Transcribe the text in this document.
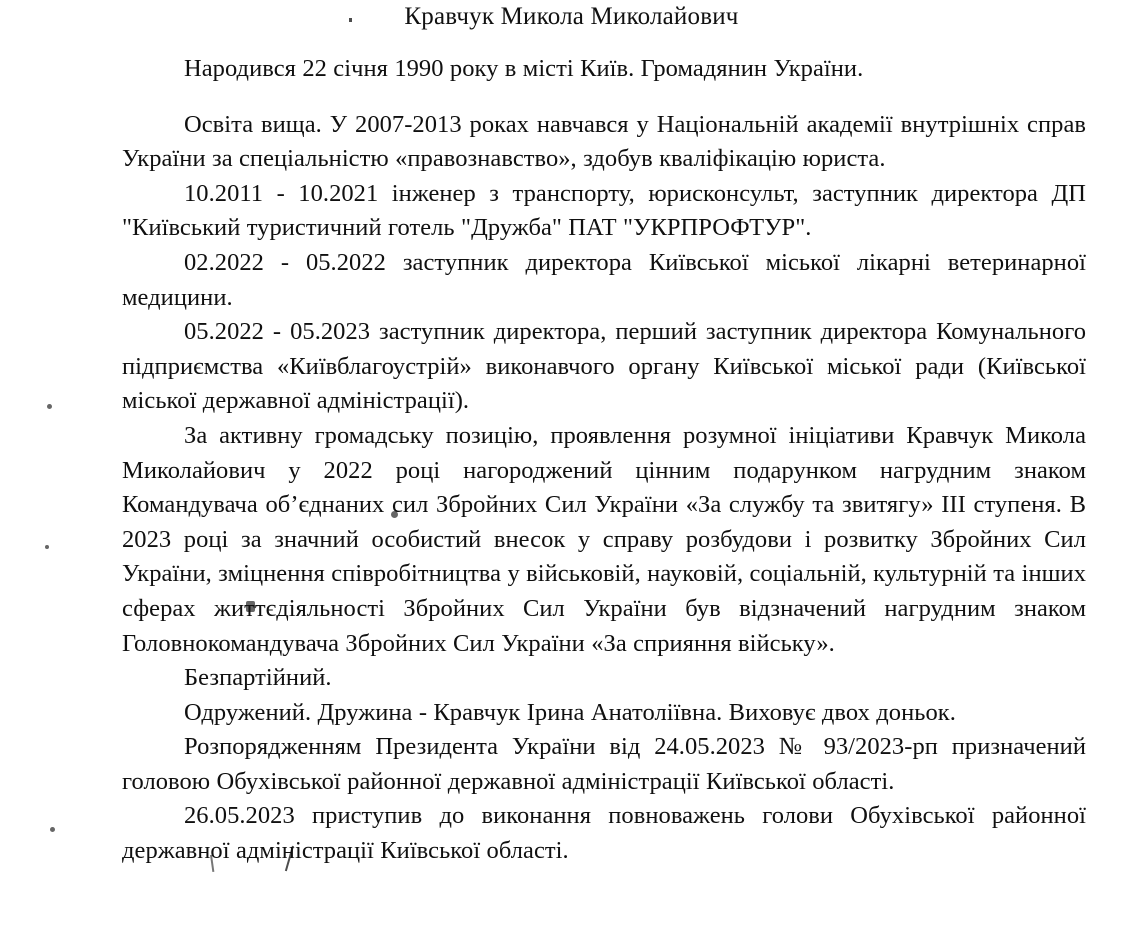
Кравчук Микола Миколайович

Народився 22 січня 1990 року в місті Київ. Громадянин України.

Освіта вища. У 2007-2013 роках навчався у Національній академії внутрішніх справ України за спеціальністю «правознавство», здобув кваліфікацію юриста.

10.2011 - 10.2021 інженер з транспорту, юрисконсульт, заступник директора ДП "Київський туристичний готель "Дружба" ПАТ "УКРПРОФТУР".

02.2022 - 05.2022 заступник директора Київської міської лікарні ветеринарної медицини.

05.2022 - 05.2023 заступник директора, перший заступник директора Комунального підприємства «Київблагоустрій» виконавчого органу Київської міської ради (Київської міської державної адміністрації).

За активну громадську позицію, проявлення розумної ініціативи Кравчук Микола Миколайович у 2022 році нагороджений цінним подарунком нагрудним знаком Командувача об’єднаних сил Збройних Сил України «За службу та звитягу» III ступеня. В 2023 році за значний особистий внесок у справу розбудови і розвитку Збройних Сил України, зміцнення співробітництва у військовій, науковій, соціальній, культурній та інших сферах життєдіяльності Збройних Сил України був відзначений нагрудним знаком Головнокомандувача Збройних Сил України «За сприяння війську».

Безпартійний.

Одружений. Дружина - Кравчук Ірина Анатоліївна. Виховує двох доньок.

Розпорядженням Президента України від 24.05.2023 № 93/2023-рп призначений головою Обухівської районної державної адміністрації Київської області.

26.05.2023 приступив до виконання повноважень голови Обухівської районної державної адміністрації Київської області.
